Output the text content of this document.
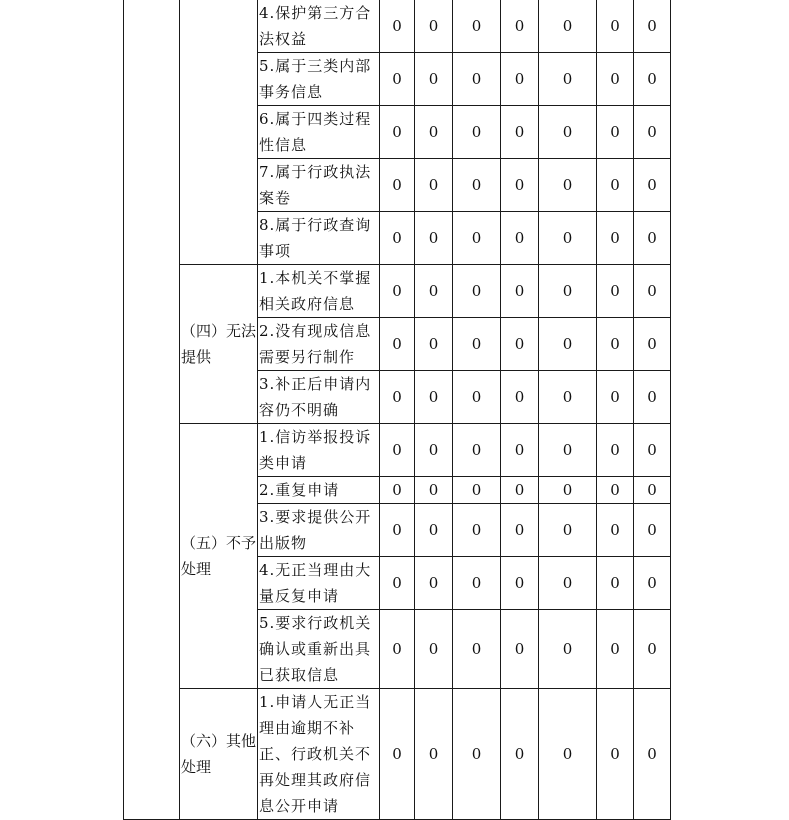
		4.保护第三方合法权益	0	0	0	0	0	0	0
		5.属于三类内部事务信息	0	0	0	0	0	0	0
		6.属于四类过程性信息	0	0	0	0	0	0	0
		7.属于行政执法案卷	0	0	0	0	0	0	0
		8.属于行政查询事项	0	0	0	0	0	0	0
	（四）无法提供	1.本机关不掌握相关政府信息	0	0	0	0	0	0	0
		2.没有现成信息需要另行制作	0	0	0	0	0	0	0
		3.补正后申请内容仍不明确	0	0	0	0	0	0	0
	（五）不予处理	1.信访举报投诉类申请	0	0	0	0	0	0	0
		2.重复申请	0	0	0	0	0	0	0
		3.要求提供公开出版物	0	0	0	0	0	0	0
		4.无正当理由大量反复申请	0	0	0	0	0	0	0
		5.要求行政机关确认或重新出具已获取信息	0	0	0	0	0	0	0
	（六）其他处理	1.申请人无正当理由逾期不补正、行政机关不再处理其政府信息公开申请	0	0	0	0	0	0	0
